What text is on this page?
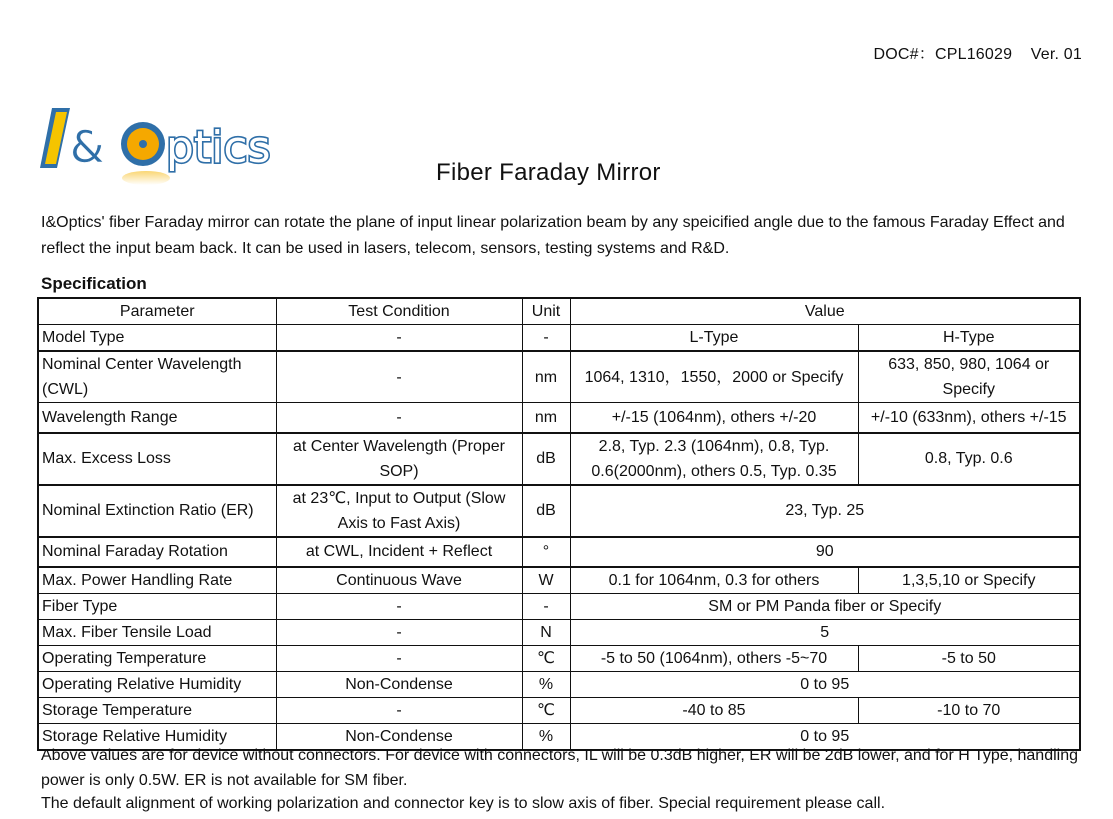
DOC#：CPL16029    Ver. 01
& ptics	Fiber Faraday Mirror

I&Optics' fiber Faraday mirror can rotate the plane of input linear polarization beam by any speicified angle due to the famous Faraday Effect and reflect the input beam back. It can be used in lasers, telecom, sensors, testing systems and R&D.

Specification
Parameter	Test Condition	Unit	Value	
Model Type	-	-	L-Type	H-Type
Nominal Center Wavelength (CWL)	-	nm	1064, 1310，1550，2000 or Specify	633, 850, 980, 1064 or Specify
Wavelength Range	-	nm	+/-15 (1064nm), others +/-20	+/-10 (633nm), others +/-15
Max. Excess Loss	at Center Wavelength (Proper SOP)	dB	2.8, Typ. 2.3 (1064nm), 0.8, Typ. 0.6(2000nm), others 0.5, Typ. 0.35	0.8, Typ. 0.6
Nominal Extinction Ratio (ER)	at 23℃, Input to Output (Slow Axis to Fast Axis)	dB	23, Typ. 25	
Nominal Faraday Rotation	at CWL, Incident + Reflect	°	90	
Max. Power Handling Rate	Continuous Wave	W	0.1 for 1064nm, 0.3 for others	1,3,5,10 or Specify
Fiber Type	-	-	SM or PM Panda fiber or Specify	
Max. Fiber Tensile Load	-	N	5	
Operating Temperature	-	℃	-5 to 50 (1064nm), others -5~70	-5 to 50
Operating Relative Humidity	Non-Condense	%	0 to 95	
Storage Temperature	-	℃	-40 to 85	-10 to 70
Storage Relative Humidity	Non-Condense	%	0 to 95	

Above values are for device without connectors. For device with connectors, IL will be 0.3dB higher, ER will be 2dB lower, and for H Type, handling power is only 0.5W. ER is not available for SM fiber.

The default alignment of working polarization and connector key is to slow axis of fiber. Special requirement please call.
